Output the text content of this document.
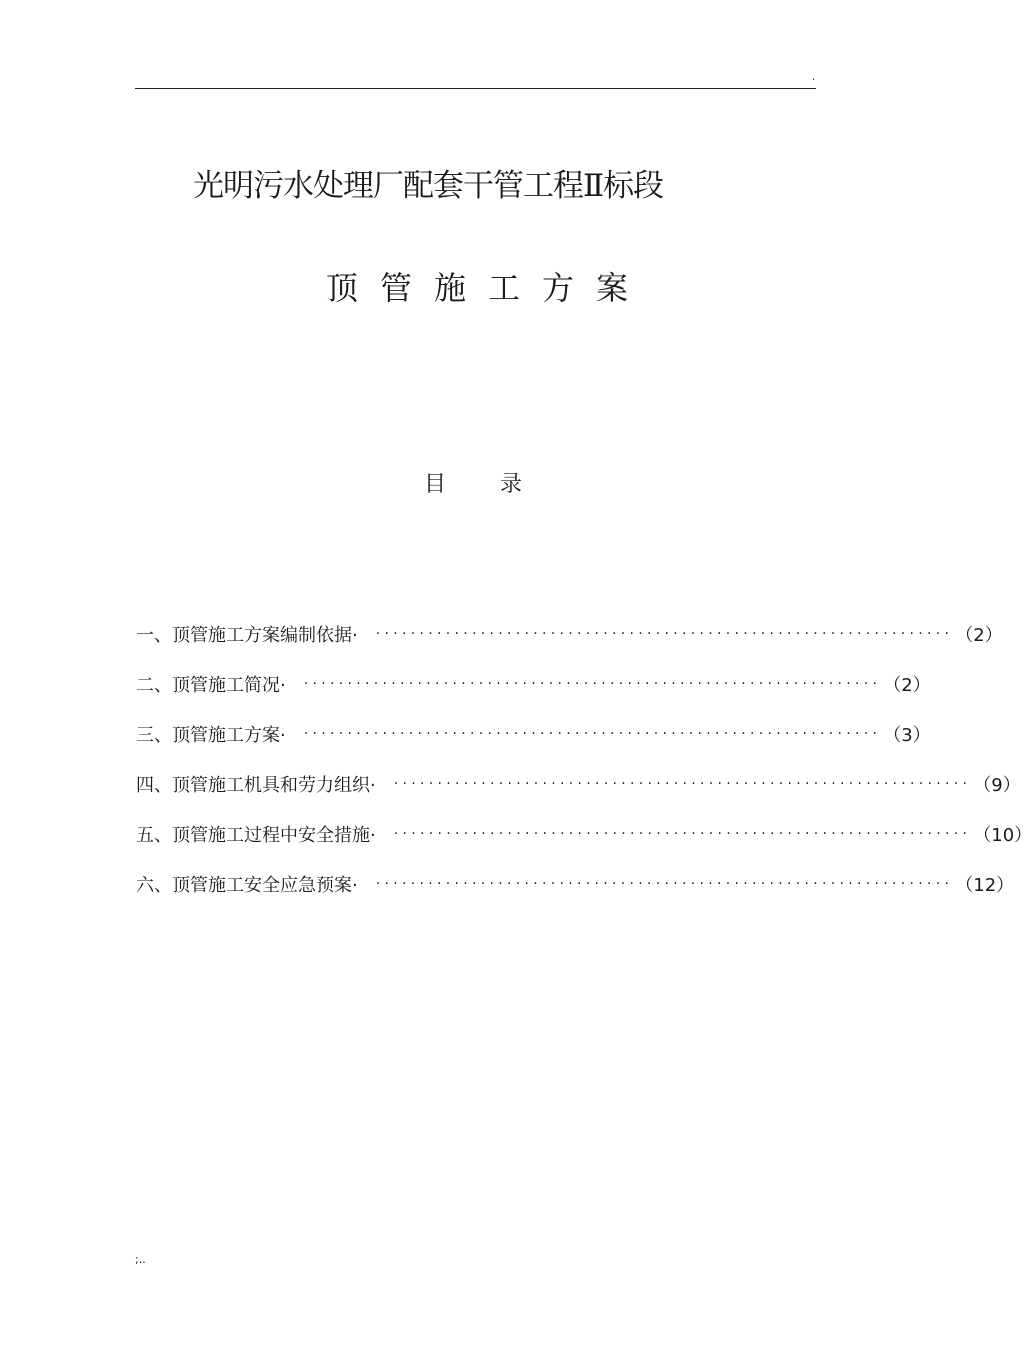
.
光明污水处理厂配套干管工程Ⅱ标段
顶管施工方案
目录
一、 顶管施工方案编制依据·	·································································· （2）
二、 顶管施工简况·	·································································· （2）
三、 顶管施工方案·	·································································· （3）
四、 顶管施工机具和劳力组织·	·································································· （9）
五、 顶管施工过程中安全措施·	·································································· （10）
六、 顶管施工安全应急预案·	·································································· （12）
;..
